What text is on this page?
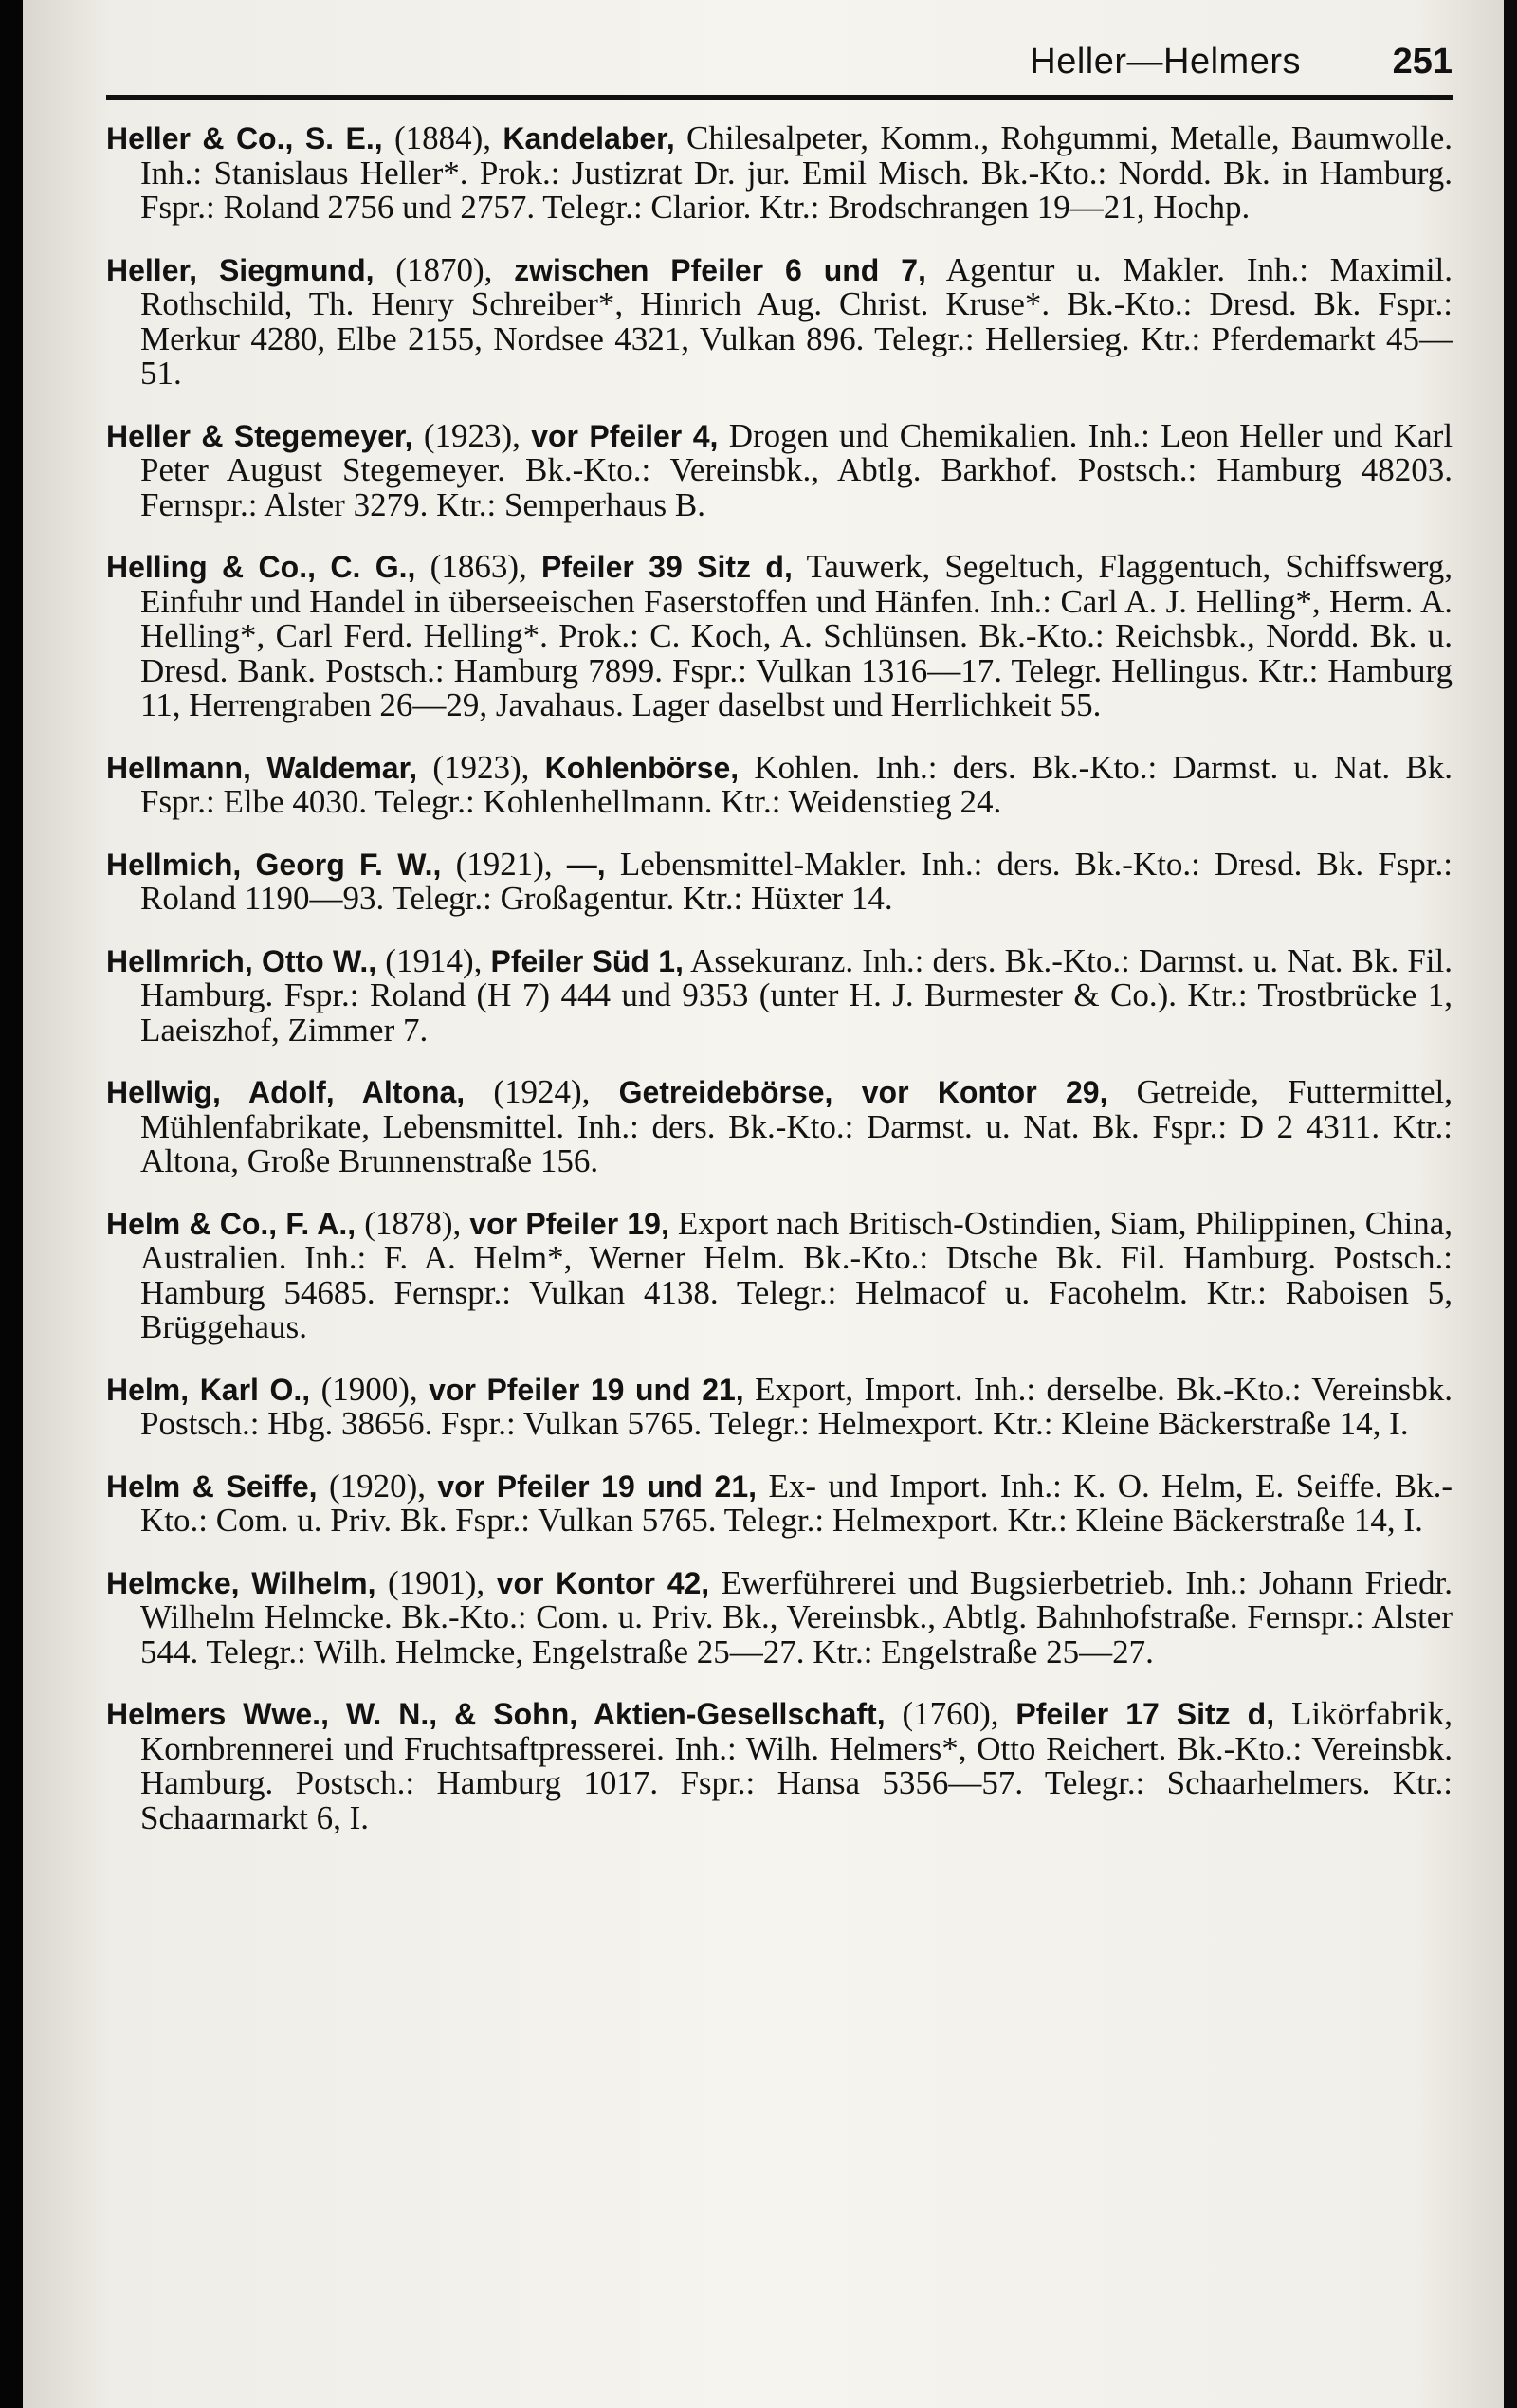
Heller—Helmers	251

Heller & Co., S. E., (1884), Kandelaber, Chilesalpeter, Komm., Rohgummi, Metalle, Baumwolle. Inh.: Stanislaus Heller*. Prok.: Justizrat Dr. jur. Emil Misch. Bk.-Kto.: Nordd. Bk. in Hamburg. Fspr.: Roland 2756 und 2757. Telegr.: Clarior. Ktr.: Brodschrangen 19—21, Hochp.

Heller, Siegmund, (1870), zwischen Pfeiler 6 und 7, Agentur u. Makler. Inh.: Maximil. Rothschild, Th. Henry Schreiber*, Hinrich Aug. Christ. Kruse*. Bk.-Kto.: Dresd. Bk. Fspr.: Merkur 4280, Elbe 2155, Nordsee 4321, Vulkan 896. Telegr.: Hellersieg. Ktr.: Pferdemarkt 45—51.

Heller & Stegemeyer, (1923), vor Pfeiler 4, Drogen und Chemikalien. Inh.: Leon Heller und Karl Peter August Stegemeyer. Bk.-Kto.: Vereinsbk., Abtlg. Barkhof. Postsch.: Hamburg 48203. Fernspr.: Alster 3279. Ktr.: Semperhaus B.

Helling & Co., C. G., (1863), Pfeiler 39 Sitz d, Tauwerk, Segeltuch, Flaggentuch, Schiffswerg, Einfuhr und Handel in überseeischen Faserstoffen und Hänfen. Inh.: Carl A. J. Helling*, Herm. A. Helling*, Carl Ferd. Helling*. Prok.: C. Koch, A. Schlünsen. Bk.-Kto.: Reichsbk., Nordd. Bk. u. Dresd. Bank. Postsch.: Hamburg 7899. Fspr.: Vulkan 1316—17. Telegr. Hellingus. Ktr.: Hamburg 11, Herrengraben 26—29, Javahaus. Lager daselbst und Herrlichkeit 55.

Hellmann, Waldemar, (1923), Kohlenbörse, Kohlen. Inh.: ders. Bk.-Kto.: Darmst. u. Nat. Bk. Fspr.: Elbe 4030. Telegr.: Kohlenhellmann. Ktr.: Weidenstieg 24.

Hellmich, Georg F. W., (1921), —, Lebensmittel-Makler. Inh.: ders. Bk.-Kto.: Dresd. Bk. Fspr.: Roland 1190—93. Telegr.: Großagentur. Ktr.: Hüxter 14.

Hellmrich, Otto W., (1914), Pfeiler Süd 1, Assekuranz. Inh.: ders. Bk.-Kto.: Darmst. u. Nat. Bk. Fil. Hamburg. Fspr.: Roland (H 7) 444 und 9353 (unter H. J. Burmester & Co.). Ktr.: Trostbrücke 1, Laeiszhof, Zimmer 7.

Hellwig, Adolf, Altona, (1924), Getreidebörse, vor Kontor 29, Getreide, Futtermittel, Mühlenfabrikate, Lebensmittel. Inh.: ders. Bk.-Kto.: Darmst. u. Nat. Bk. Fspr.: D 2 4311. Ktr.: Altona, Große Brunnenstraße 156.

Helm & Co., F. A., (1878), vor Pfeiler 19, Export nach Britisch-Ostindien, Siam, Philippinen, China, Australien. Inh.: F. A. Helm*, Werner Helm. Bk.-Kto.: Dtsche Bk. Fil. Hamburg. Postsch.: Hamburg 54685. Fernspr.: Vulkan 4138. Telegr.: Helmacof u. Facohelm. Ktr.: Raboisen 5, Brüggehaus.

Helm, Karl O., (1900), vor Pfeiler 19 und 21, Export, Import. Inh.: derselbe. Bk.-Kto.: Vereinsbk. Postsch.: Hbg. 38656. Fspr.: Vulkan 5765. Telegr.: Helmexport. Ktr.: Kleine Bäckerstraße 14, I.

Helm & Seiffe, (1920), vor Pfeiler 19 und 21, Ex- und Import. Inh.: K. O. Helm, E. Seiffe. Bk.-Kto.: Com. u. Priv. Bk. Fspr.: Vulkan 5765. Telegr.: Helmexport. Ktr.: Kleine Bäckerstraße 14, I.

Helmcke, Wilhelm, (1901), vor Kontor 42, Ewerführerei und Bugsierbetrieb. Inh.: Johann Friedr. Wilhelm Helmcke. Bk.-Kto.: Com. u. Priv. Bk., Vereinsbk., Abtlg. Bahnhofstraße. Fernspr.: Alster 544. Telegr.: Wilh. Helmcke, Engelstraße 25—27. Ktr.: Engelstraße 25—27.

Helmers Wwe., W. N., & Sohn, Aktien-Gesellschaft, (1760), Pfeiler 17 Sitz d, Likörfabrik, Kornbrennerei und Fruchtsaftpresserei. Inh.: Wilh. Helmers*, Otto Reichert. Bk.-Kto.: Vereinsbk. Hamburg. Postsch.: Hamburg 1017. Fspr.: Hansa 5356—57. Telegr.: Schaarhelmers. Ktr.: Schaarmarkt 6, I.
